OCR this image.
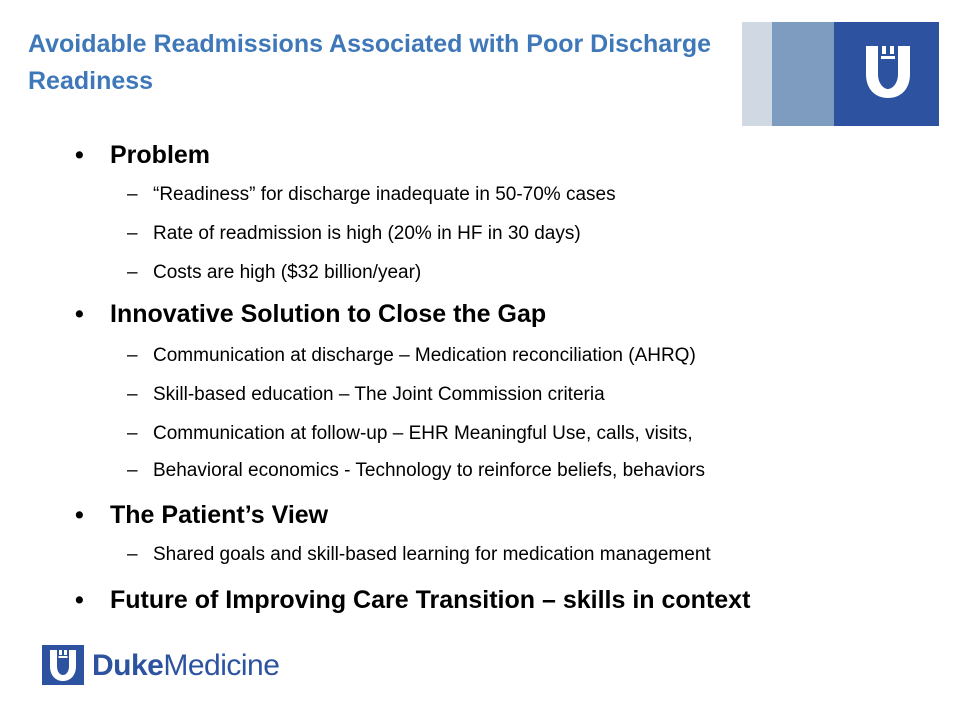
Avoidable Readmissions Associated with Poor Discharge Readiness
• Problem
– “Readiness” for discharge inadequate in 50-70% cases
– Rate of readmission is high (20% in HF in 30 days)
– Costs are high ($32 billion/year)
• Innovative Solution to Close the Gap
– Communication at discharge – Medication reconciliation (AHRQ)
– Skill-based education – The Joint Commission criteria
– Communication at follow-up – EHR Meaningful Use, calls, visits,
– Behavioral economics - Technology to reinforce beliefs, behaviors
• The Patient’s View
– Shared goals and skill-based learning for medication management
• Future of Improving Care Transition – skills in context
DukeMedicine
